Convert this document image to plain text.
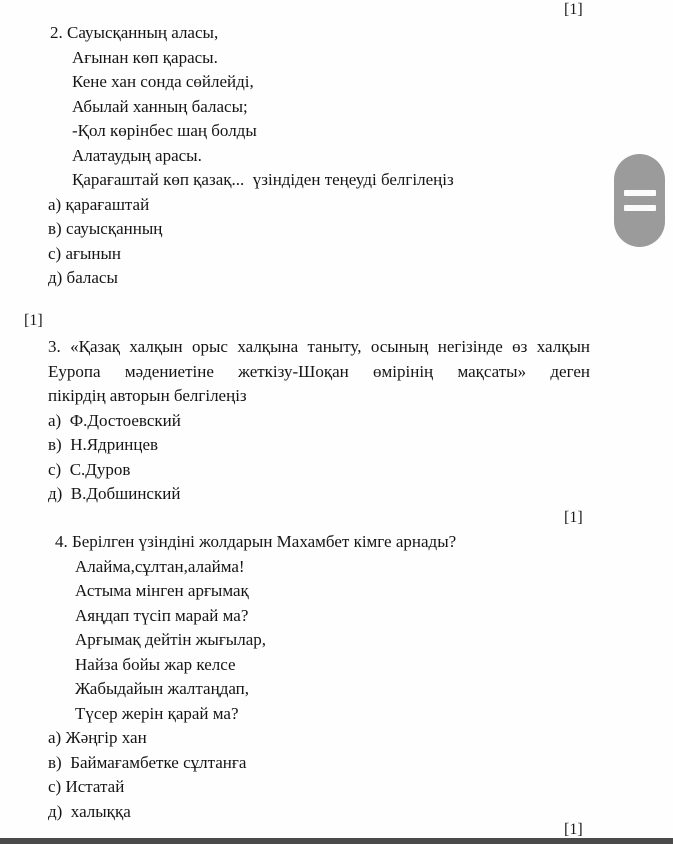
[1]
[1]
[1]
[1]
2. Сауысқанның аласы,
Ағынан көп қарасы.
Кене хан сонда сөйлейді,
Абылай ханның баласы;
-Қол көрінбес шаң болды
Алатаудың арасы.
Қарағаштай көп қазақ...  үзіндіден теңеуді белгілеңіз
а) қарағаштай
в) сауысқанның
с) ағынын
д) баласы
3. «Қазақ халқын орыс халқына таныту, осының негізінде өз халқын
Еуропа мәдениетіне жеткізу-Шоқан өмірінің мақсаты» деген
пікірдің авторын белгілеңіз
а)  Ф.Достоевский
в)  Н.Ядринцев
с)  С.Дуров
д)  В.Добшинский
4. Берілген үзіндіні жолдарын Махамбет кімге арнады?
Алайма,сұлтан,алайма!
Астыма мінген арғымақ
Аяңдап түсіп марай ма?
Арғымақ дейтін жығылар,
Найза бойы жар келсе
Жабыдайын жалтаңдап,
Түсер жерін қарай ма?
а) Жәңгір хан
в)  Баймағамбетке сұлтанға
с) Истатай
д)  халыққа
